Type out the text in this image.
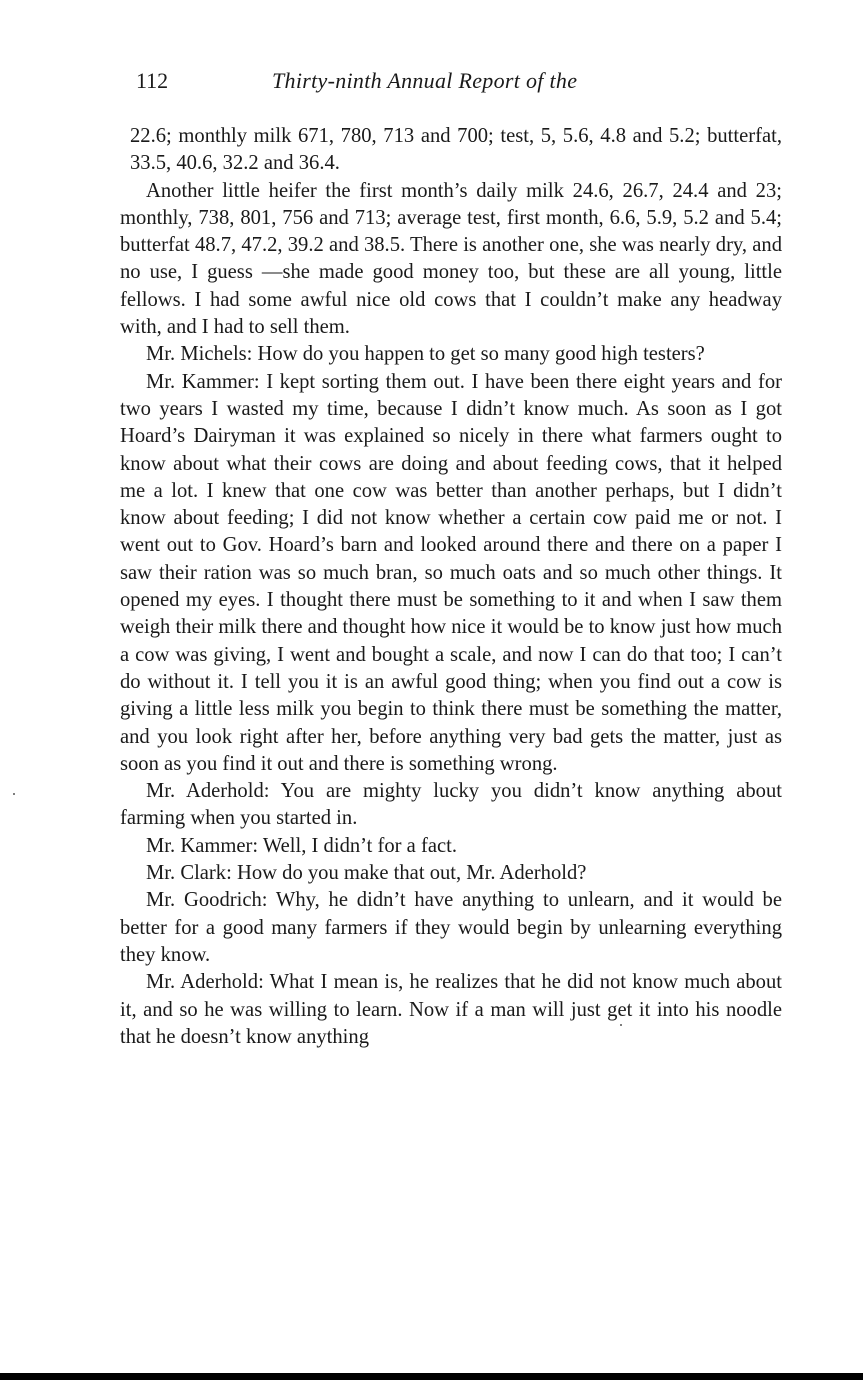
112	Thirty-ninth Annual Report of the

22.6; monthly milk 671, 780, 713 and 700; test, 5, 5.6, 4.8 and 5.2; butterfat, 33.5, 40.6, 32.2 and 36.4.

Another little heifer the first month’s daily milk 24.6, 26.7, 24.4 and 23; monthly, 738, 801, 756 and 713; average test, first month, 6.6, 5.9, 5.2 and 5.4; butterfat 48.7, 47.2, 39.2 and 38.5. There is another one, she was nearly dry, and no use, I guess —she made good money too, but these are all young, little fellows. I had some awful nice old cows that I couldn’t make any headway with, and I had to sell them.

Mr. Michels: How do you happen to get so many good high testers?

Mr. Kammer: I kept sorting them out. I have been there eight years and for two years I wasted my time, because I didn’t know much. As soon as I got Hoard’s Dairyman it was explained so nicely in there what farmers ought to know about what their cows are doing and about feeding cows, that it helped me a lot. I knew that one cow was better than another perhaps, but I didn’t know about feeding; I did not know whether a certain cow paid me or not. I went out to Gov. Hoard’s barn and looked around there and there on a paper I saw their ration was so much bran, so much oats and so much other things. It opened my eyes. I thought there must be something to it and when I saw them weigh their milk there and thought how nice it would be to know just how much a cow was giving, I went and bought a scale, and now I can do that too; I can’t do without it. I tell you it is an awful good thing; when you find out a cow is giving a little less milk you begin to think there must be something the matter, and you look right after her, before anything very bad gets the matter, just as soon as you find it out and there is something wrong.

Mr. Aderhold: You are mighty lucky you didn’t know anything about farming when you started in.

Mr. Kammer: Well, I didn’t for a fact.

Mr. Clark: How do you make that out, Mr. Aderhold?

Mr. Goodrich: Why, he didn’t have anything to unlearn, and it would be better for a good many farmers if they would begin by unlearning everything they know.

Mr. Aderhold: What I mean is, he realizes that he did not know much about it, and so he was willing to learn. Now if a man will just get it into his noodle that he doesn’t know anything
